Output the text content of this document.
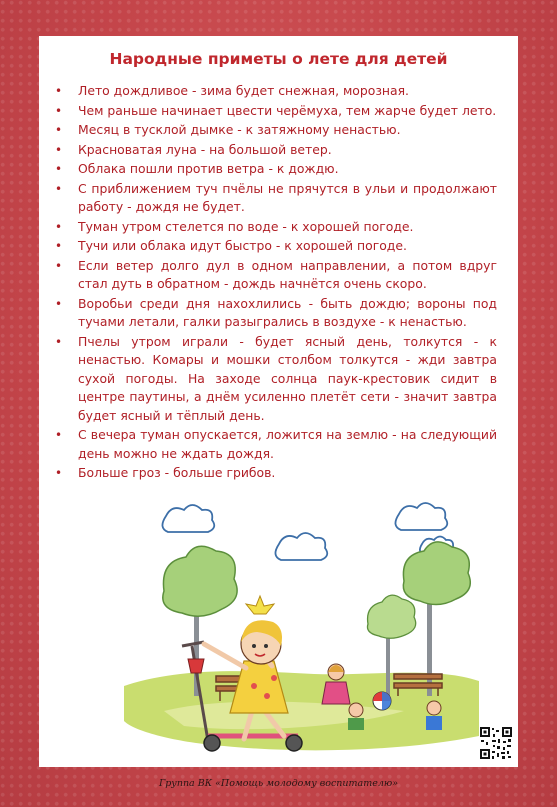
Народные приметы о лете для детей
• Лето дождливое - зима будет снежная, морозная.
• Чем раньше начинает цвести черёмуха, тем жарче будет лето.
• Месяц в тусклой дымке - к затяжному ненастью.
• Красноватая луна - на большой ветер.
• Облака пошли против ветра - к дождю.
• С приближением туч пчёлы не прячутся в ульи и продолжают работу - дождя не будет.
• Туман утром стелется по воде - к хорошей погоде.
• Тучи или облака идут быстро - к хорошей погоде.
• Если ветер долго дул в одном направлении, а потом вдруг стал дуть в обратном - дождь начнётся очень скоро.
• Воробьи среди дня нахохлились - быть дождю; вороны под тучами летали, галки разыгрались в воздухе - к ненастью.
• Пчелы утром играли - будет ясный день, толкутся - к ненастью. Комары и мошки столбом толкутся - жди завтра сухой погоды. На заходе солнца паук-крестовик сидит в центре паутины, а днём усиленно плетёт сети - значит завтра будет ясный и тёплый день.
• С вечера туман опускается, ложится на землю - на следующий день можно не ждать дождя.
• Больше гроз - больше грибов.
Группа ВК «Помощь молодому воспитателю»
